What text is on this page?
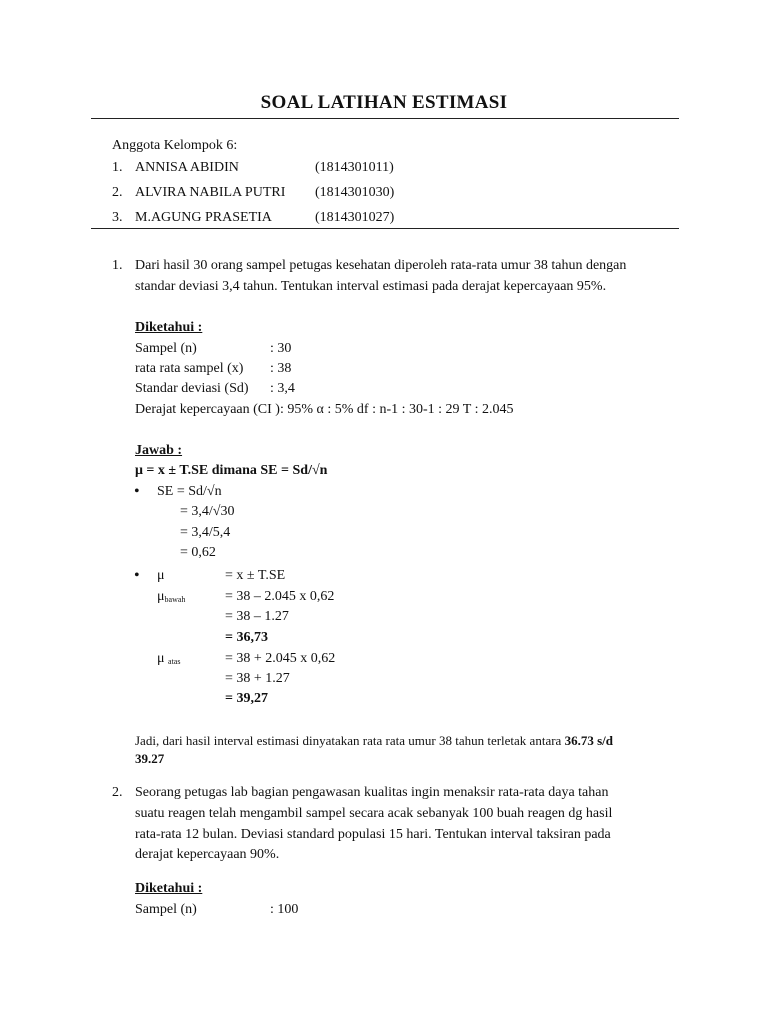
SOAL LATIHAN ESTIMASI
Anggota Kelompok 6:
1. ANNISA ABIDIN	(1814301011)
2. ALVIRA NABILA PUTRI (1814301030)
3. M.AGUNG PRASETIA	(1814301027)
1. Dari hasil 30 orang sampel petugas kesehatan diperoleh rata-rata umur 38 tahun dengan
standar deviasi 3,4 tahun. Tentukan interval estimasi pada derajat kepercayaan 95%.
Diketahui :
Sampel (n)	: 30
rata rata sampel (x) : 38
Standar deviasi (Sd) : 3,4
Derajat kepercayaan (CI ): 95% α : 5% df : n-1 : 30-1 : 29 T : 2.045
Jawab :
μ = x ± T.SE dimana SE = Sd/√n
• SE = Sd/√n
= 3,4/√30
= 3,4/5,4
= 0,62
• μ	= x ± T.SE
$\mu_{bawah}$	= 38 – 2.045 x 0,62
= 38 – 1.27
= 36,73
μ $_{atas}$	= 38 + 2.045 x 0,62
= 38 + 1.27
= 39,27
Jadi, dari hasil interval estimasi dinyatakan rata rata umur 38 tahun terletak antara 36.73 s/d
39.27
2. Seorang petugas lab bagian pengawasan kualitas ingin menaksir rata-rata daya tahan
suatu reagen telah mengambil sampel secara acak sebanyak 100 buah reagen dg hasil
rata-rata 12 bulan. Deviasi standard populasi 15 hari. Tentukan interval taksiran pada
derajat kepercayaan 90%.
Diketahui :
Sampel (n)	: 100
